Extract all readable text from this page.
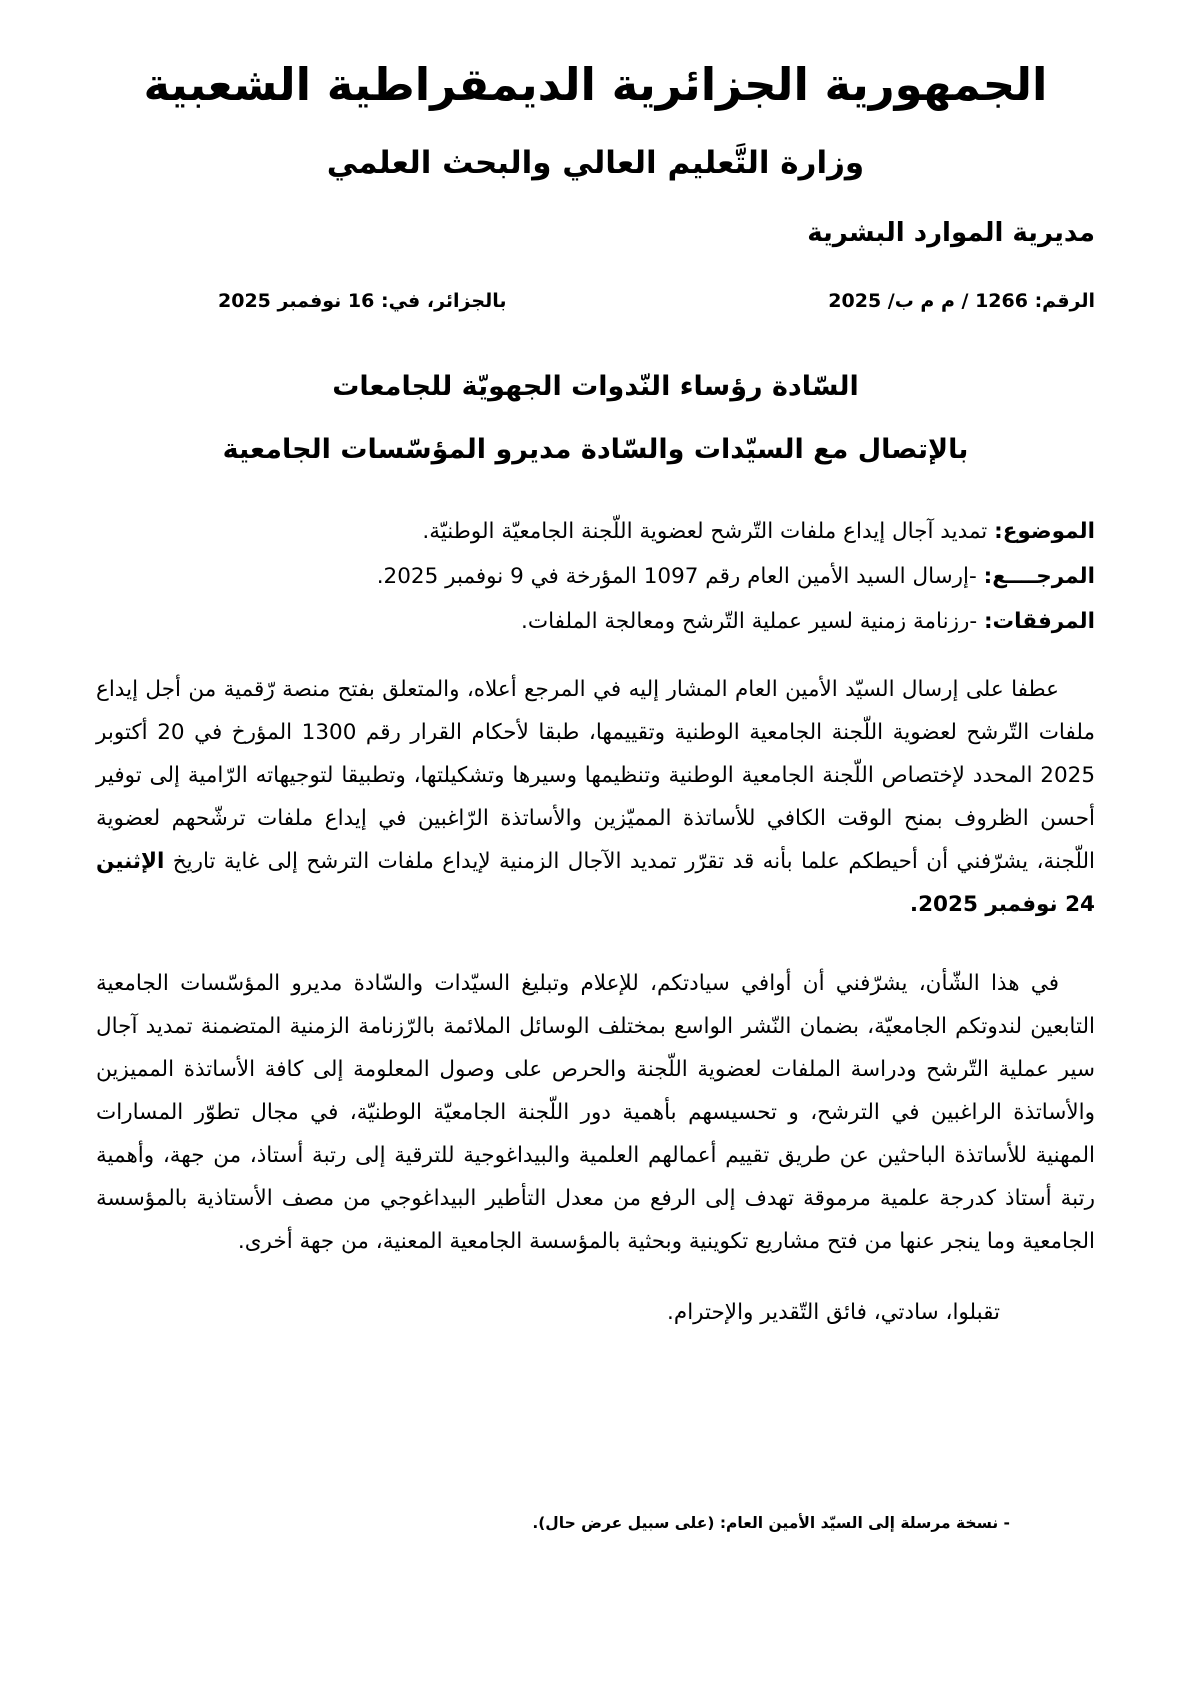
الجمهورية الجزائرية الديمقراطية الشعبية
وزارة التَّعليم العالي والبحث العلمي
مديرية الموارد البشرية
الرقم: 1266 / م م ب/ 2025
بالجزائر، في: 16 نوفمبر 2025
السّادة رؤساء النّدوات الجهويّة للجامعات
بالإتصال مع السيّدات والسّادة مديرو المؤسّسات الجامعية
الموضوع: تمديد آجال إيداع ملفات التّرشح لعضوية اللّجنة الجامعيّة الوطنيّة.
المرجــــع: -إرسال السيد الأمين العام رقم 1097 المؤرخة في 9 نوفمبر 2025.
المرفقات: -رزنامة زمنية لسير عملية التّرشح ومعالجة الملفات.

عطفا على إرسال السيّد الأمين العام المشار إليه في المرجع أعلاه، والمتعلق بفتح منصة رّقمية من أجل إيداع ملفات التّرشح لعضوية اللّجنة الجامعية الوطنية وتقييمها، طبقا لأحكام القرار رقم 1300 المؤرخ في 20 أكتوبر 2025 المحدد لإختصاص اللّجنة الجامعية الوطنية وتنظيمها وسيرها وتشكيلتها، وتطبيقا لتوجيهاته الرّامية إلى توفير أحسن الظروف بمنح الوقت الكافي للأساتذة المميّزين والأساتذة الرّاغبين في إيداع ملفات ترشّحهم لعضوية اللّجنة، يشرّفني أن أحيطكم علما بأنه قد تقرّر تمديد الآجال الزمنية لإيداع ملفات الترشح إلى غاية تاريخ الإثنين 24 نوفمبر 2025.

في هذا الشّأن، يشرّفني أن أوافي سيادتكم، للإعلام وتبليغ السيّدات والسّادة مديرو المؤسّسات الجامعية التابعين لندوتكم الجامعيّة، بضمان النّشر الواسع بمختلف الوسائل الملائمة بالرّزنامة الزمنية المتضمنة تمديد آجال سير عملية التّرشح ودراسة الملفات لعضوية اللّجنة والحرص على وصول المعلومة إلى كافة الأساتذة المميزين والأساتذة الراغبين في الترشح، و تحسيسهم بأهمية دور اللّجنة الجامعيّة الوطنيّة، في مجال تطوّر المسارات المهنية للأساتذة الباحثين عن طريق تقييم أعمالهم العلمية والبيداغوجية للترقية إلى رتبة أستاذ، من جهة، وأهمية رتبة أستاذ كدرجة علمية مرموقة تهدف إلى الرفع من معدل التأطير البيداغوجي من مصف الأستاذية بالمؤسسة الجامعية وما ينجر عنها من فتح مشاريع تكوينية وبحثية بالمؤسسة الجامعية المعنية، من جهة أخرى.

تقبلوا، سادتي، فائق التّقدير والإحترام.
- نسخة مرسلة إلى السيّد الأمين العام: (على سبيل عرض حال).
